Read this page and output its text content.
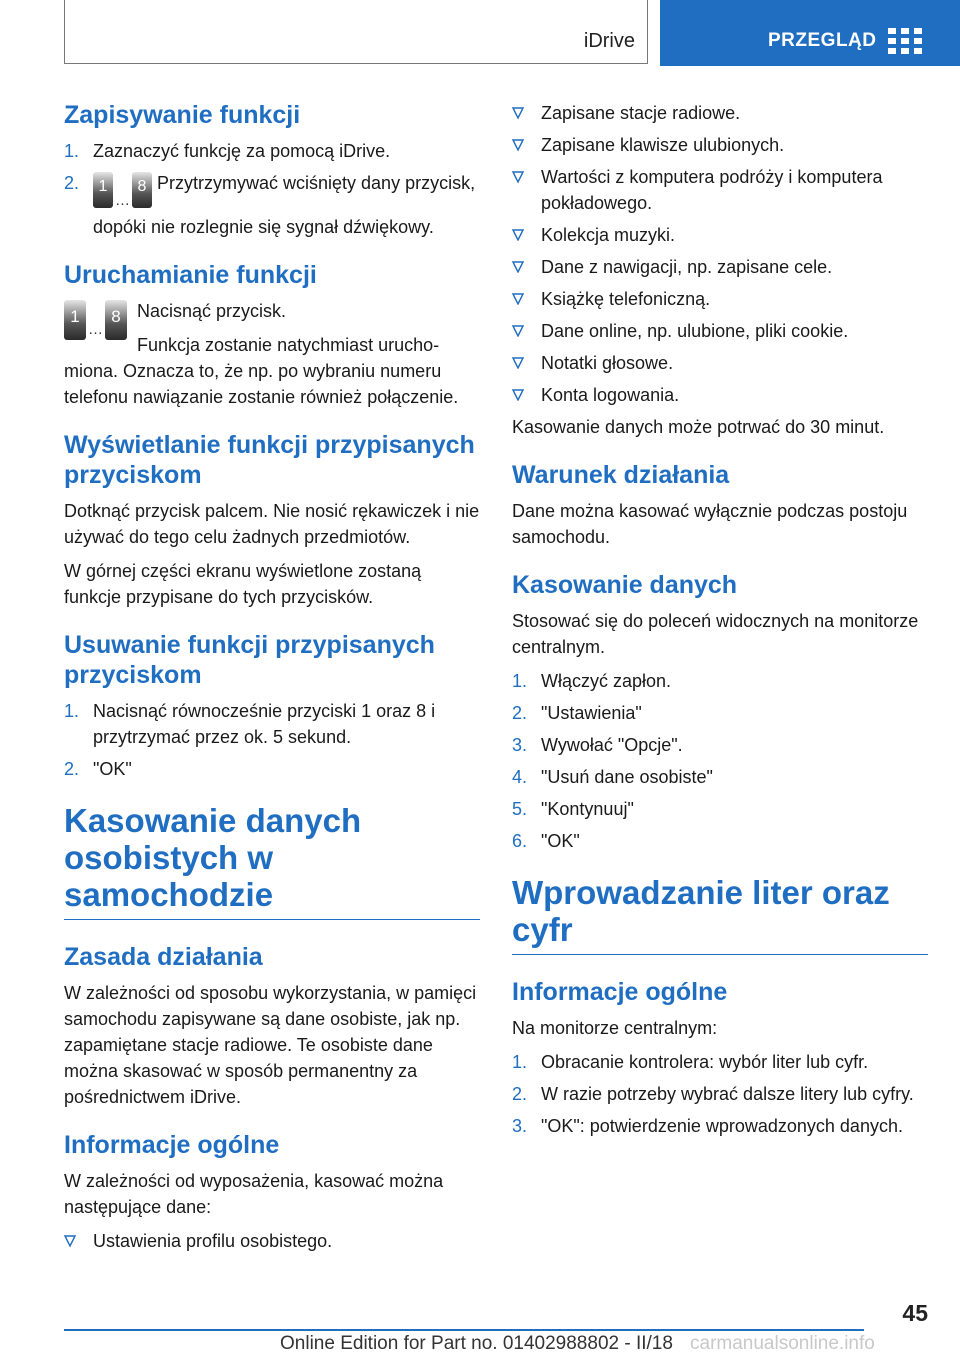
iDrive	PRZEGLĄD
Zapisywanie funkcji
1. Zaznaczyć funkcję za pomocą iDrive.
2. 1…8 Przytrzymywać wciśnięty dany przycisk, dopóki nie rozlegnie się sygnał dźwiękowy.
Uruchamianie funkcji
1…8 Nacisnąć przycisk.

Funkcja zostanie natychmiast uruchomiona. Oznacza to, że np. po wybraniu numeru telefonu nawiązanie zostanie również połączenie.

Wyświetlanie funkcji przypisanych przyciskom

Dotknąć przycisk palcem. Nie nosić rękawiczek i nie używać do tego celu żadnych przedmiotów.

W górnej części ekranu wyświetlone zostaną funkcje przypisane do tych przycisków.

Usuwanie funkcji przypisanych przyciskom
1. Nacisnąć równocześnie przyciski 1 oraz 8 i przytrzymać przez ok. 5 sekund.
2. "OK"
Kasowanie danych osobistych w samochodzie
Zasada działania

W zależności od sposobu wykorzystania, w pamięci samochodu zapisywane są dane osobiste, jak np. zapamiętane stacje radiowe. Te osobiste dane można skasować w sposób permanentny za pośrednictwem iDrive.

Informacje ogólne

W zależności od wyposażenia, kasować można następujące dane:

Ustawienia profilu osobistego.
Zapisane stacje radiowe.
Zapisane klawisze ulubionych.
Wartości z komputera podróży i komputera pokładowego.
Kolekcja muzyki.
Dane z nawigacji, np. zapisane cele.
Książkę telefoniczną.
Dane online, np. ulubione, pliki cookie.
Notatki głosowe.
Konta logowania.

Kasowanie danych może potrwać do 30 minut.

Warunek działania

Dane można kasować wyłącznie podczas postoju samochodu.

Kasowanie danych

Stosować się do poleceń widocznych na monitorze centralnym.

1. Włączyć zapłon.
2. "Ustawienia"
3. Wywołać "Opcje".
4. "Usuń dane osobiste"
5. "Kontynuuj"
6. "OK"
Wprowadzanie liter oraz cyfr
Informacje ogólne

Na monitorze centralnym:

1. Obracanie kontrolera: wybór liter lub cyfr.
2. W razie potrzeby wybrać dalsze litery lub cyfry.
3. "OK": potwierdzenie wprowadzonych danych.
45
Online Edition for Part no. 01402988802 - II/18 carmanualsonline.info
